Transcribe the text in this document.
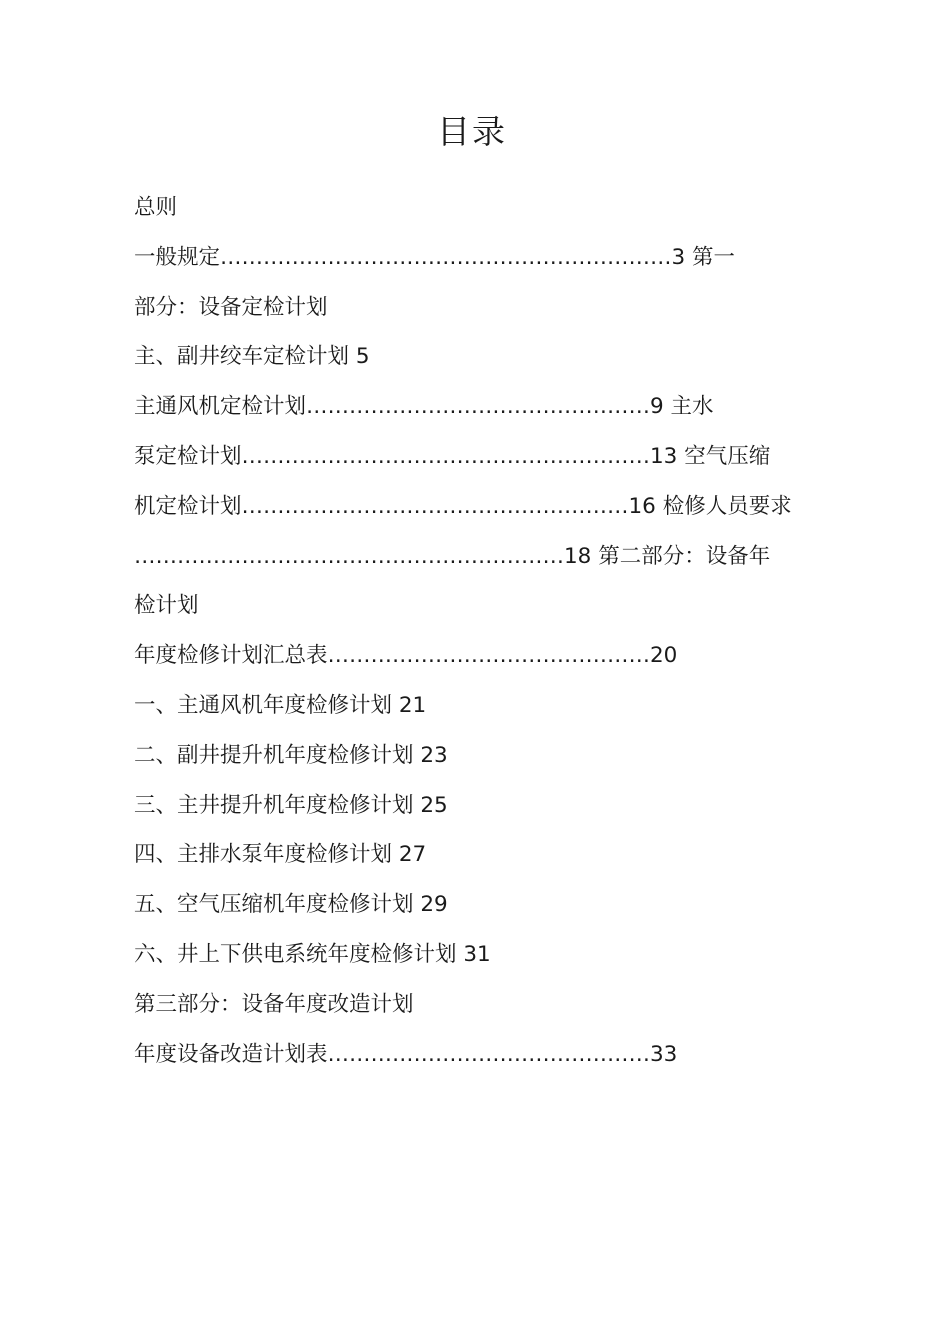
目录
总则
一般规定………………………………………………………3 第一
部分：设备定检计划
主、副井绞车定检计划 5
主通风机定检计划…………………………………………9 主水
泵定检计划…………………………………………………13 空气压缩
机定检计划………………………………………………16 检修人员要求
……………………………………………………18 第二部分：设备年
检计划
年度检修计划汇总表………………………………………20
一、主通风机年度检修计划 21
二、副井提升机年度检修计划 23
三、主井提升机年度检修计划 25
四、主排水泵年度检修计划 27
五、空气压缩机年度检修计划 29
六、井上下供电系统年度检修计划 31
第三部分：设备年度改造计划
年度设备改造计划表………………………………………33
